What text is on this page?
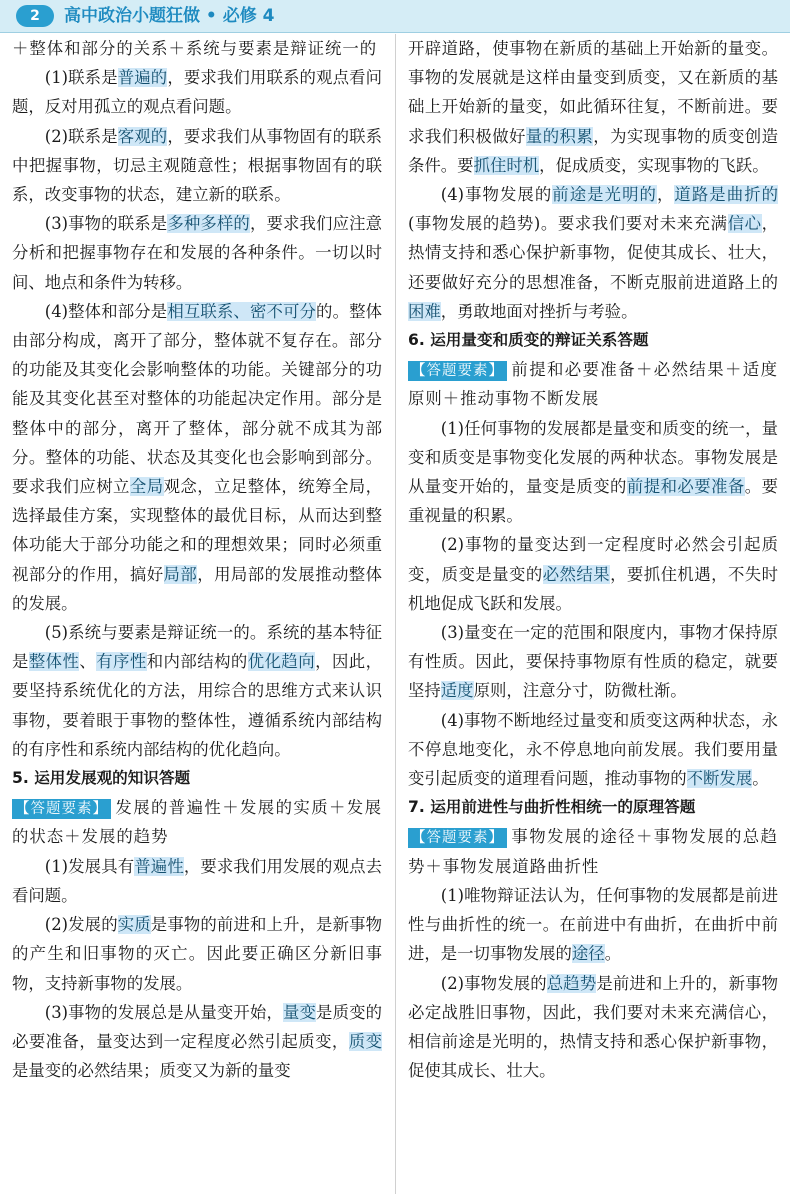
2	高中政治小题狂做 • 必修 4

＋整体和部分的关系＋系统与要素是辩证统一的

(1)联系是普遍的，要求我们用联系的观点看问题，反对用孤立的观点看问题。

(2)联系是客观的，要求我们从事物固有的联系中把握事物，切忌主观随意性；根据事物固有的联系，改变事物的状态，建立新的联系。

(3)事物的联系是多种多样的，要求我们应注意分析和把握事物存在和发展的各种条件。一切以时间、地点和条件为转移。

(4)整体和部分是相互联系、密不可分的。整体由部分构成，离开了部分，整体就不复存在。部分的功能及其变化会影响整体的功能。关键部分的功能及其变化甚至对整体的功能起决定作用。部分是整体中的部分，离开了整体，部分就不成其为部分。整体的功能、状态及其变化也会影响到部分。要求我们应树立全局观念，立足整体，统筹全局，选择最佳方案，实现整体的最优目标，从而达到整体功能大于部分功能之和的理想效果；同时必须重视部分的作用，搞好局部，用局部的发展推动整体的发展。

(5)系统与要素是辩证统一的。系统的基本特征是整体性、有序性和内部结构的优化趋向，因此，要坚持系统优化的方法，用综合的思维方式来认识事物，要着眼于事物的整体性，遵循系统内部结构的有序性和系统内部结构的优化趋向。

5. 运用发展观的知识答题

【答题要素】 发展的普遍性＋发展的实质＋发展的状态＋发展的趋势

(1)发展具有普遍性，要求我们用发展的观点去看问题。

(2)发展的实质是事物的前进和上升，是新事物的产生和旧事物的灭亡。因此要正确区分新旧事物，支持新事物的发展。

(3)事物的发展总是从量变开始，量变是质变的必要准备，量变达到一定程度必然引起质变，质变是量变的必然结果；质变又为新的量变

开辟道路，使事物在新质的基础上开始新的量变。事物的发展就是这样由量变到质变，又在新质的基础上开始新的量变，如此循环往复，不断前进。要求我们积极做好量的积累，为实现事物的质变创造条件。要抓住时机，促成质变，实现事物的飞跃。

(4)事物发展的前途是光明的，道路是曲折的(事物发展的趋势)。要求我们要对未来充满信心，热情支持和悉心保护新事物，促使其成长、壮大，还要做好充分的思想准备，不断克服前进道路上的困难，勇敢地面对挫折与考验。

6. 运用量变和质变的辩证关系答题

【答题要素】 前提和必要准备＋必然结果＋适度原则＋推动事物不断发展

(1)任何事物的发展都是量变和质变的统一，量变和质变是事物变化发展的两种状态。事物发展是从量变开始的，量变是质变的前提和必要准备。要重视量的积累。

(2)事物的量变达到一定程度时必然会引起质变，质变是量变的必然结果，要抓住机遇，不失时机地促成飞跃和发展。

(3)量变在一定的范围和限度内，事物才保持原有性质。因此，要保持事物原有性质的稳定，就要坚持适度原则，注意分寸，防微杜渐。

(4)事物不断地经过量变和质变这两种状态，永不停息地变化，永不停息地向前发展。我们要用量变引起质变的道理看问题，推动事物的不断发展。

7. 运用前进性与曲折性相统一的原理答题

【答题要素】 事物发展的途径＋事物发展的总趋势＋事物发展道路曲折性

(1)唯物辩证法认为，任何事物的发展都是前进性与曲折性的统一。在前进中有曲折，在曲折中前进，是一切事物发展的途径。

(2)事物发展的总趋势是前进和上升的，新事物必定战胜旧事物，因此，我们要对未来充满信心，相信前途是光明的，热情支持和悉心保护新事物，促使其成长、壮大。
